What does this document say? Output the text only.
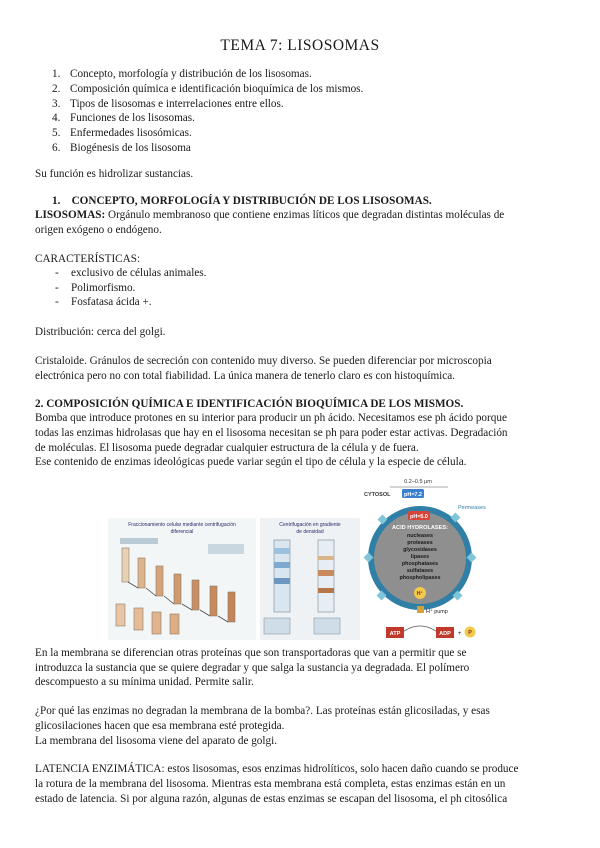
TEMA 7: LISOSOMAS
1. Concepto, morfología y distribución de los lisosomas.
2. Composición química e identificación bioquímica de los mismos.
3. Tipos de lisosomas e interrelaciones entre ellos.
4. Funciones de los lisosomas.
5. Enfermedades lisosómicas.
6. Biogénesis de los lisosoma
Su función es hidrolizar sustancias.
1. CONCEPTO, MORFOLOGÍA Y DISTRIBUCIÓN DE LOS LISOSOMAS.
LISOSOMAS: Orgánulo membranoso que contiene enzimas líticos que degradan distintas moléculas de
origen exógeno o endógeno.
CARACTERÍSTICAS:
- exclusivo de células animales.
- Polimorfismo.
- Fosfatasa ácida +.
Distribución: cerca del golgi.
Cristaloide. Gránulos de secreción con contenido muy diverso. Se pueden diferenciar por microscopia
electrónica pero no con total fiabilidad. La única manera de tenerlo claro es con histoquímica.
2. COMPOSICIÓN QUÍMICA E IDENTIFICACIÓN BIOQUÍMICA DE LOS MISMOS.
Bomba que introduce protones en su interior para producir un ph ácido. Necesitamos ese ph ácido porque
todas las enzimas hidrolasas que hay en el lisosoma necesitan se ph para poder estar activas. Degradación
de moléculas. El lisosoma puede degradar cualquier estructura de la célula y de fuera.
Ese contenido de enzimas ideológicas puede variar según el tipo de célula y la especie de célula.
Fraccionamiento celular mediante centrifugación
diferencial
Centrifugación en gradiente
de densidad
0.2–0.5 µm
CYTOSOL pH≈7.2
Permeases
pH≈5.0
ACID HYDROLASES:
nucleases
proteases
glycosidases
lipases
phosphatases
sulfatases
phospholipases
H⁺
H⁺ pump
ATP	ADP + P
En la membrana se diferencian otras proteínas que son transportadoras que van a permitir que se
introduzca la sustancia que se quiere degradar y que salga la sustancia ya degradada. El polímero
descompuesto a su mínima unidad. Permite salir.
¿Por qué las enzimas no degradan la membrana de la bomba?. Las proteínas están glicosiladas, y esas
glicosilaciones hacen que esa membrana esté protegida.
La membrana del lisosoma viene del aparato de golgi.
LATENCIA ENZIMÁTICA: estos lisosomas, esos enzimas hidrolíticos, solo hacen daño cuando se produce
la rotura de la membrana del lisosoma. Mientras esta membrana está completa, estas enzimas están en un
estado de latencia. Si por alguna razón, algunas de estas enzimas se escapan del lisosoma, el ph citosólica
